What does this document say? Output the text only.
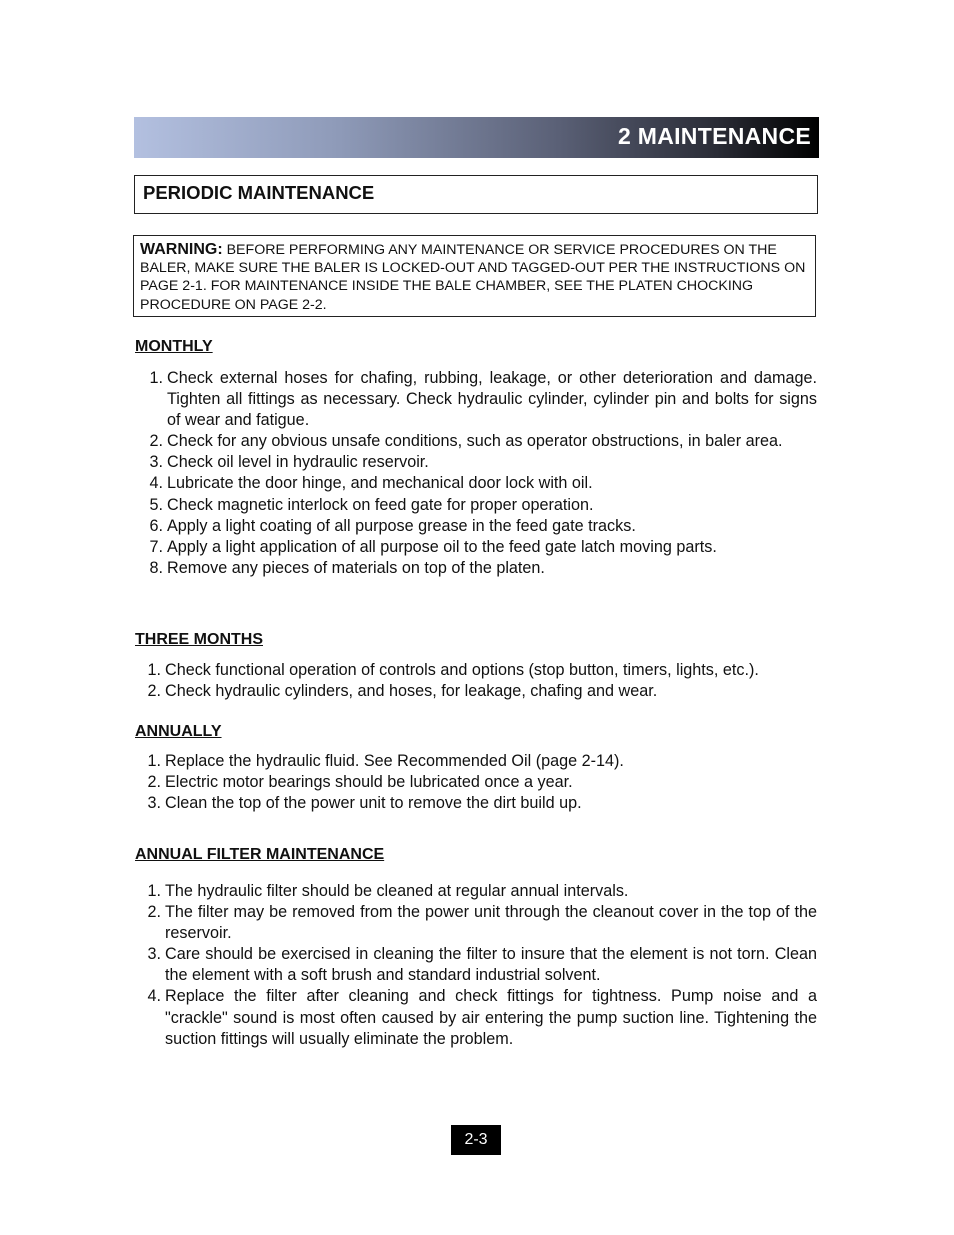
2 MAINTENANCE
PERIODIC MAINTENANCE
WARNING: BEFORE PERFORMING ANY MAINTENANCE OR SERVICE PROCEDURES ON THE BALER, MAKE SURE THE BALER IS LOCKED-OUT AND TAGGED-OUT PER THE INSTRUCTIONS ON PAGE 2-1. FOR MAINTENANCE INSIDE THE BALE CHAMBER, SEE THE PLATEN CHOCKING PROCEDURE ON PAGE 2-2.
MONTHLY
1. Check external hoses for chafing, rubbing, leakage, or other deterioration and damage. Tighten all fittings as necessary. Check hydraulic cylinder, cylinder pin and bolts for signs of wear and fatigue.
2. Check for any obvious unsafe conditions, such as operator obstructions, in baler area.
3. Check oil level in hydraulic reservoir.
4. Lubricate the door hinge, and mechanical door lock with oil.
5. Check magnetic interlock on feed gate for proper operation.
6. Apply a light coating of all purpose grease in the feed gate tracks.
7. Apply a light application of all purpose oil to the feed gate latch moving parts.
8. Remove any pieces of materials on top of the platen.
THREE MONTHS
1. Check functional operation of controls and options (stop button, timers, lights, etc.).
2. Check hydraulic cylinders, and hoses, for leakage, chafing and wear.
ANNUALLY
1. Replace the hydraulic fluid. See Recommended Oil (page 2-14).
2. Electric motor bearings should be lubricated once a year.
3. Clean the top of the power unit to remove the dirt build up.
ANNUAL FILTER MAINTENANCE
1. The hydraulic filter should be cleaned at regular annual intervals.
2. The filter may be removed from the power unit through the cleanout cover in the top of the reservoir.
3. Care should be exercised in cleaning the filter to insure that the element is not torn. Clean the element with a soft brush and standard industrial solvent.
4. Replace the filter after cleaning and check fittings for tightness. Pump noise and a "crackle" sound is most often caused by air entering the pump suction line. Tightening the suction fittings will usually eliminate the problem.
2-3
